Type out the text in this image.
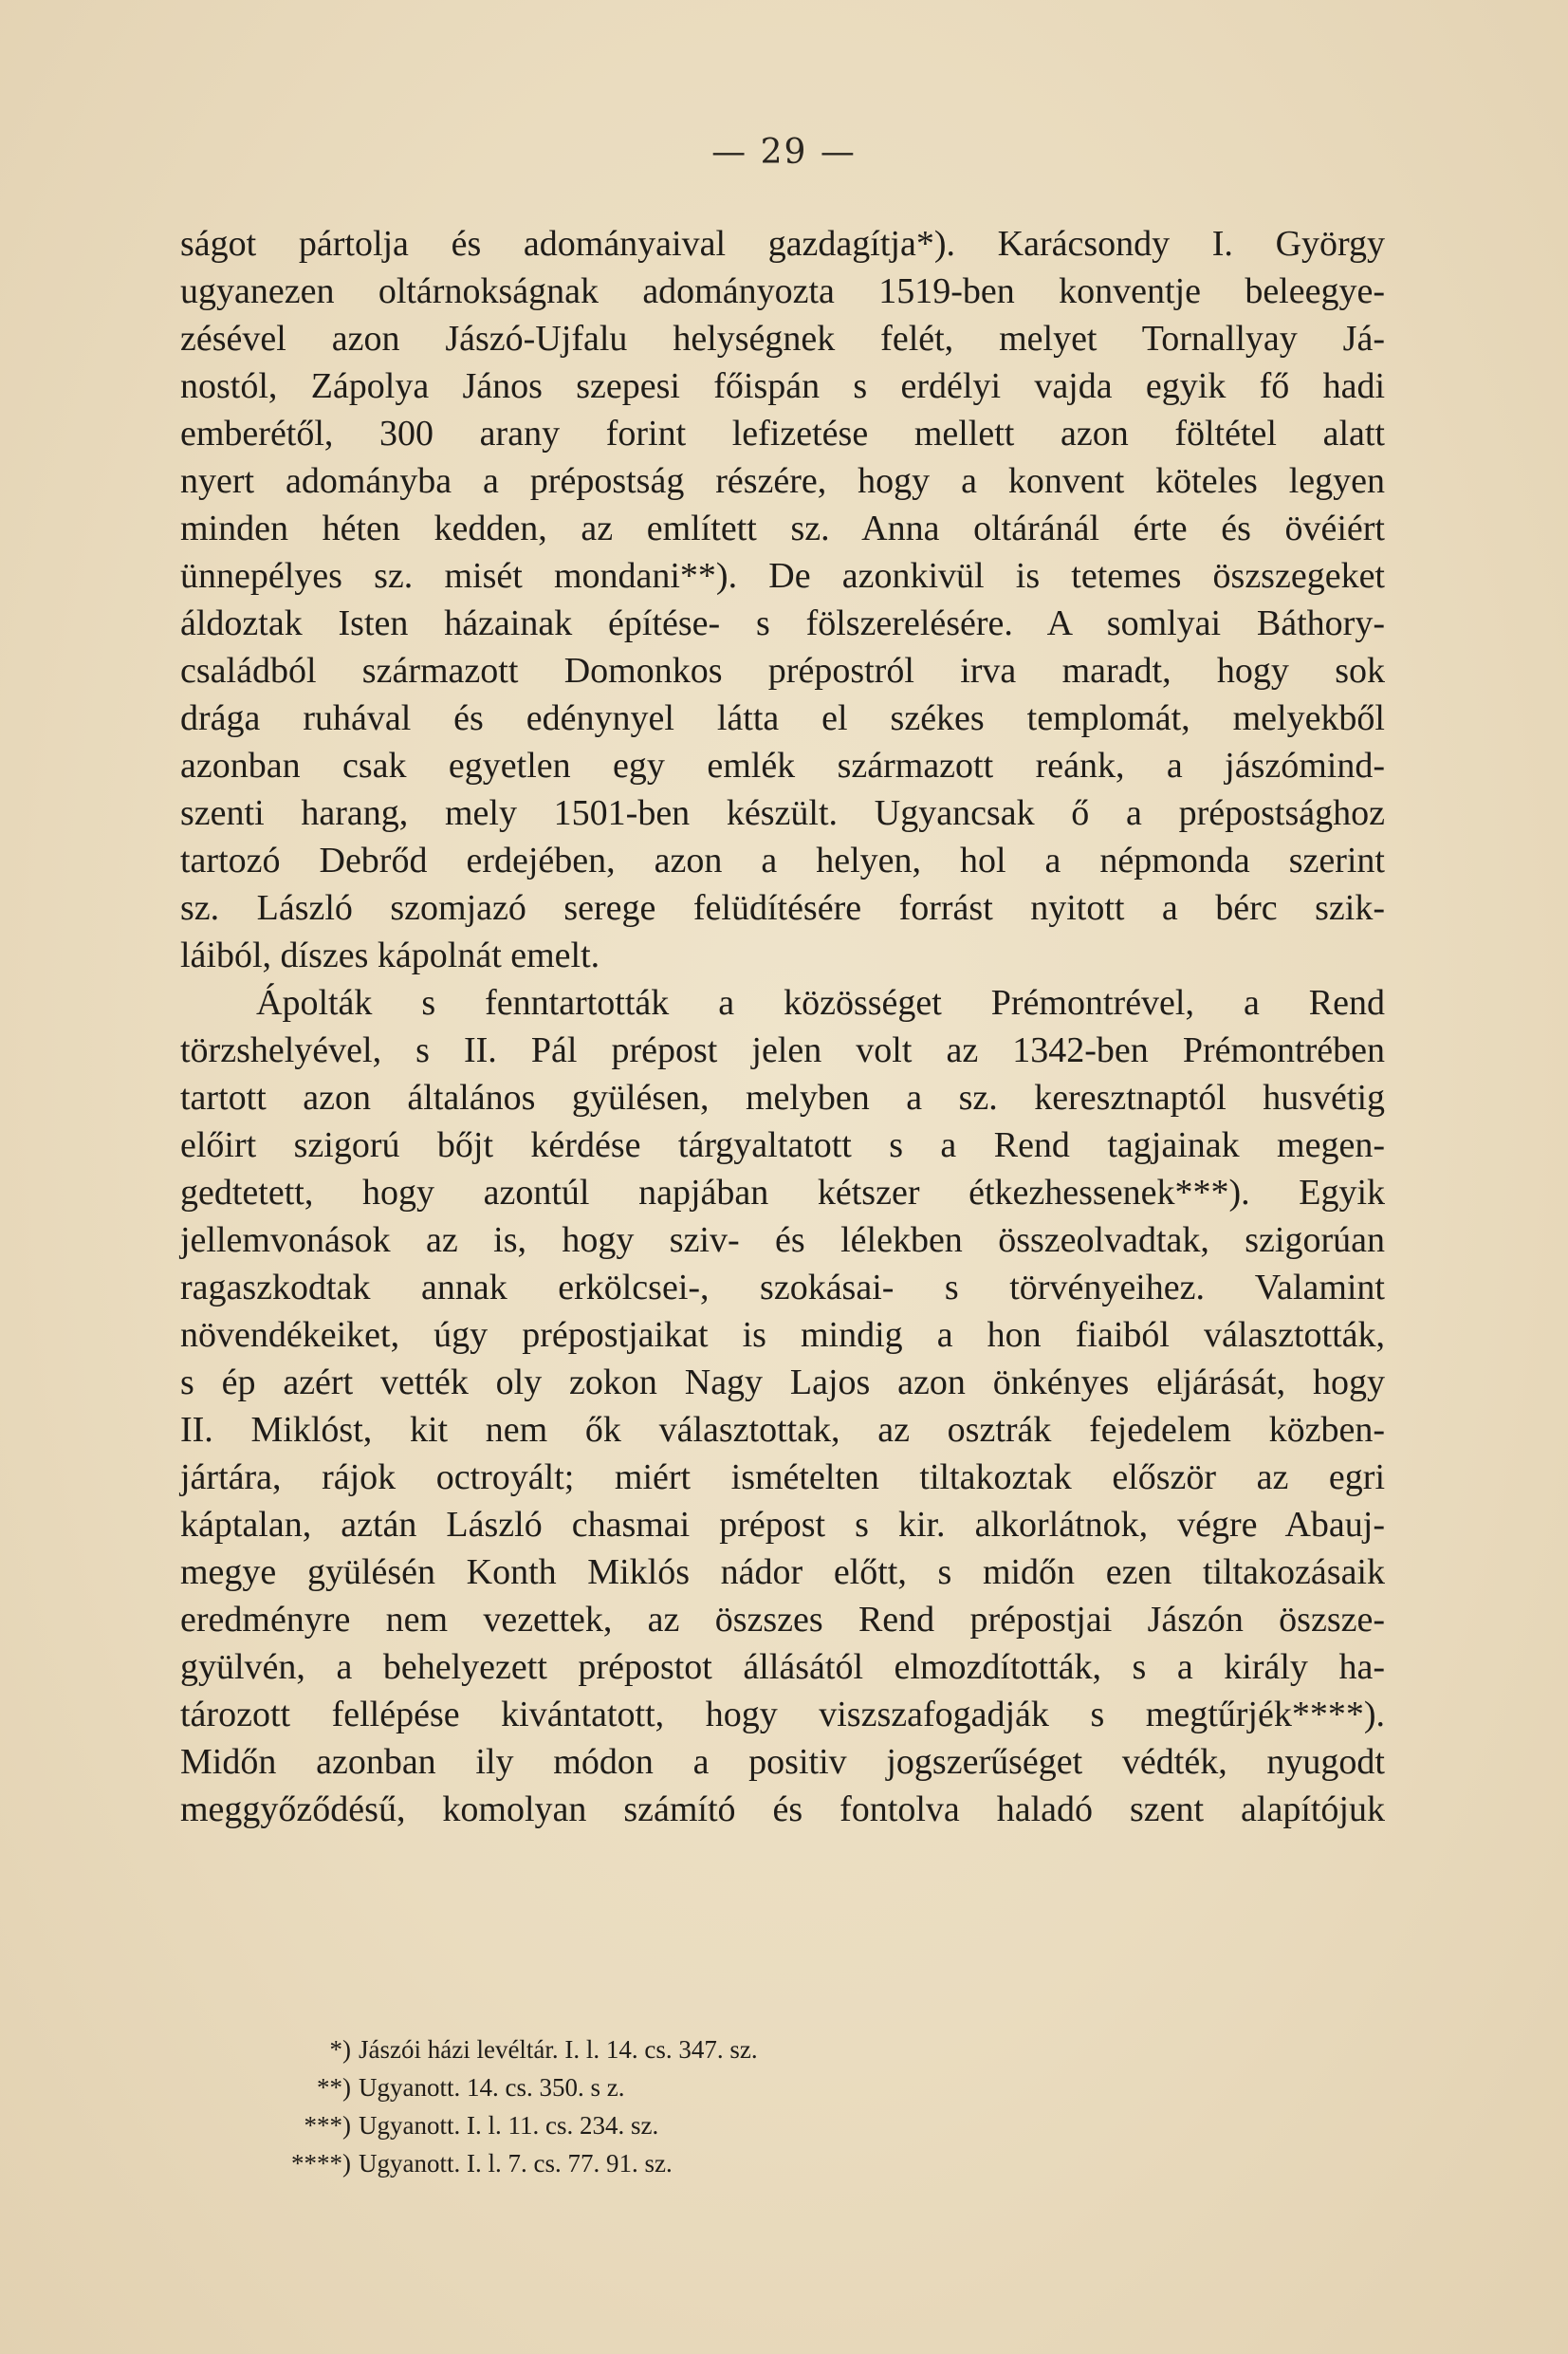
— 29 —
ságot pártolja és adományaival gazdagítja*). Karácsondy I. György
ugyanezen oltárnokságnak adományozta 1519-ben konventje beleegye-
zésével azon Jászó-Ujfalu helységnek felét, melyet Tornallyay Já-
nostól, Zápolya János szepesi főispán s erdélyi vajda egyik fő hadi
emberétől, 300 arany forint lefizetése mellett azon föltétel alatt
nyert adományba a prépostság részére, hogy a konvent köteles legyen
minden héten kedden, az említett sz. Anna oltáránál érte és övéiért
ünnepélyes sz. misét mondani**). De azonkivül is tetemes öszszegeket
áldoztak Isten házainak építése- s fölszerelésére. A somlyai Báthory-
családból származott Domonkos prépostról irva maradt, hogy sok
drága ruhával és edénynyel látta el székes templomát, melyekből
azonban csak egyetlen egy emlék származott reánk, a jászómind-
szenti harang, mely 1501-ben készült. Ugyancsak ő a prépostsághoz
tartozó Debrőd erdejében, azon a helyen, hol a népmonda szerint
sz. László szomjazó serege felüdítésére forrást nyitott a bérc szik-
láiból, díszes kápolnát emelt.
Ápolták s fenntartották a közösséget Prémontrével, a Rend
törzshelyével, s II. Pál prépost jelen volt az 1342-ben Prémontrében
tartott azon általános gyülésen, melyben a sz. keresztnaptól husvétig
előirt szigorú bőjt kérdése tárgyaltatott s a Rend tagjainak megen-
gedtetett, hogy azontúl napjában kétszer étkezhessenek***). Egyik
jellemvonások az is, hogy sziv- és lélekben összeolvadtak, szigorúan
ragaszkodtak annak erkölcsei-, szokásai- s törvényeihez. Valamint
növendékeiket, úgy prépostjaikat is mindig a hon fiaiból választották,
s ép azért vették oly zokon Nagy Lajos azon önkényes eljárását, hogy
II. Miklóst, kit nem ők választottak, az osztrák fejedelem közben-
jártára, rájok octroyált; miért ismételten tiltakoztak először az egri
káptalan, aztán László chasmai prépost s kir. alkorlátnok, végre Abauj-
megye gyülésén Konth Miklós nádor előtt, s midőn ezen tiltakozásaik
eredményre nem vezettek, az öszszes Rend prépostjai Jászón öszsze-
gyülvén, a behelyezett prépostot állásától elmozdították, s a király ha-
tározott fellépése kivántatott, hogy viszszafogadják s megtűrjék****).
Midőn azonban ily módon a positiv jogszerűséget védték, nyugodt
meggyőződésű, komolyan számító és fontolva haladó szent alapítójuk
*) Jászói házi levéltár. I. l. 14. cs. 347. sz.
**) Ugyanott. 14. cs. 350. s z.
***) Ugyanott. I. l. 11. cs. 234. sz.
****) Ugyanott. I. l. 7. cs. 77. 91. sz.
